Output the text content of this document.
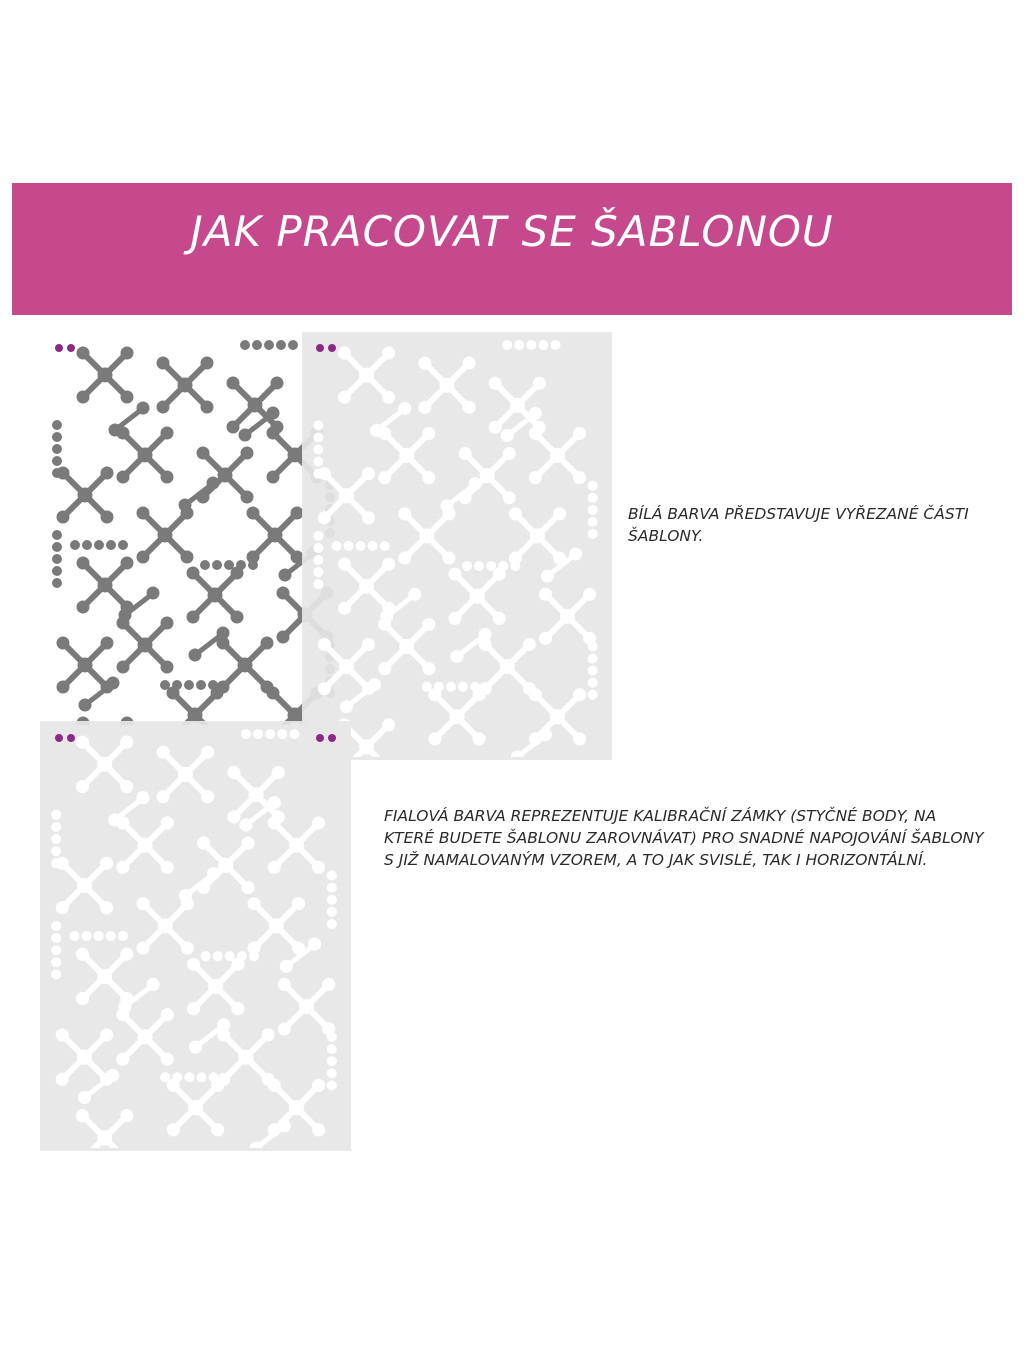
JAK PRACOVAT SE ŠABLONOU

BÍLÁ BARVA PŘEDSTAVUJE VYŘEZANÉ ČÁSTI ŠABLONY.

FIALOVÁ BARVA REPREZENTUJE KALIBRAČNÍ ZÁMKY (STYČNÉ BODY, NA KTERÉ BUDETE ŠABLONU ZAROVNÁVAT) PRO SNADNÉ NAPOJOVÁNÍ ŠABLONY S JIŽ NAMALOVANÝM VZOREM, A TO JAK SVISLÉ, TAK I HORIZONTÁLNÍ.
